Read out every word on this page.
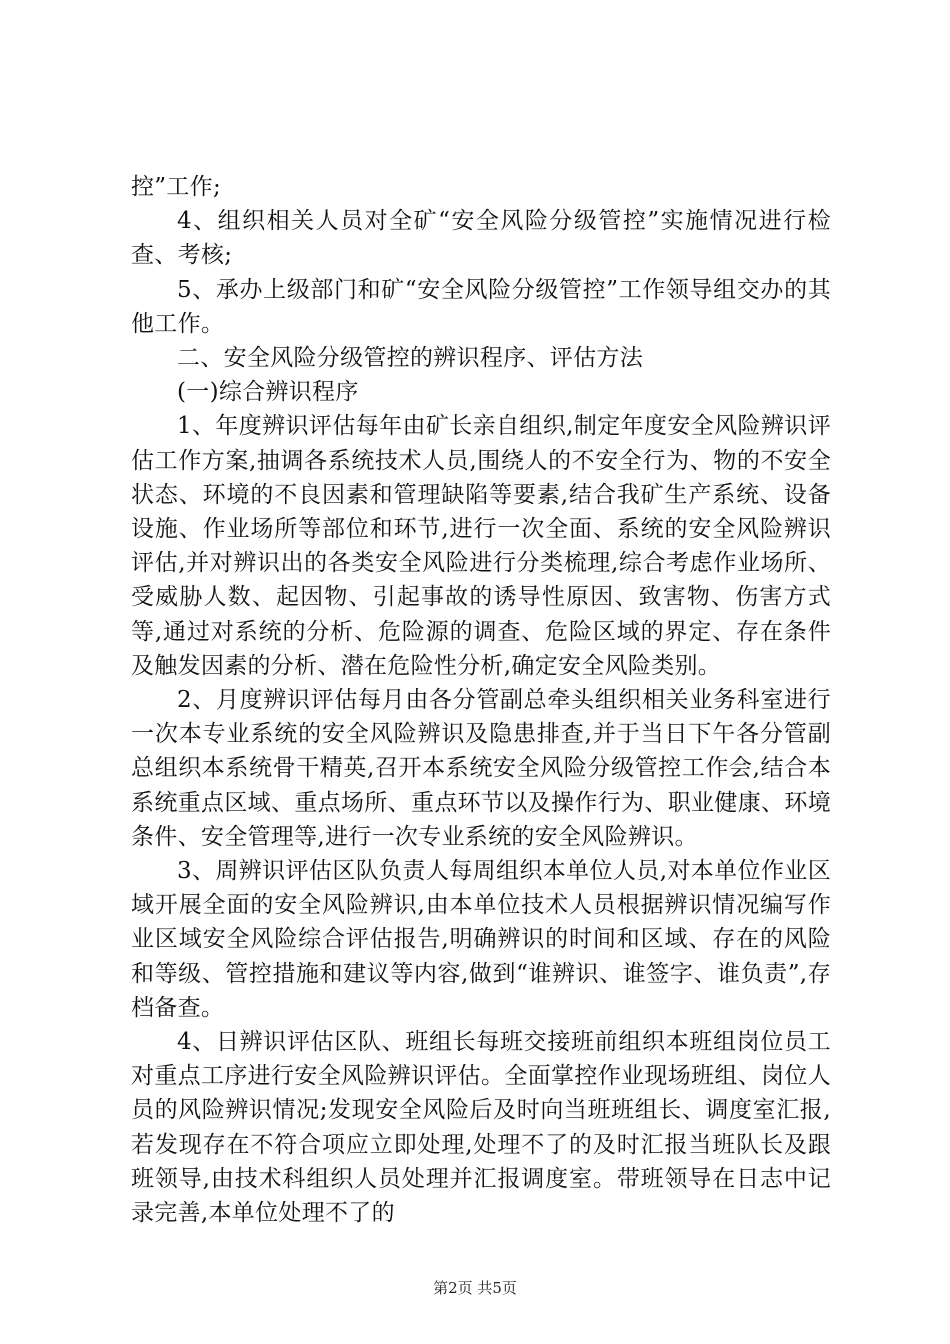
控”工作;

4、组织相关人员对全矿“安全风险分级管控”实施情况进行检查、考核;

5、承办上级部门和矿“安全风险分级管控”工作领导组交办的其他工作。

二、安全风险分级管控的辨识程序、评估方法

(一)综合辨识程序

1、年度辨识评估每年由矿长亲自组织,制定年度安全风险辨识评估工作方案,抽调各系统技术人员,围绕人的不安全行为、物的不安全状态、环境的不良因素和管理缺陷等要素,结合我矿生产系统、设备设施、作业场所等部位和环节,进行一次全面、系统的安全风险辨识评估,并对辨识出的各类安全风险进行分类梳理,综合考虑作业场所、受威胁人数、起因物、引起事故的诱导性原因、致害物、伤害方式等,通过对系统的分析、危险源的调查、危险区域的界定、存在条件及触发因素的分析、潜在危险性分析,确定安全风险类别。

2、月度辨识评估每月由各分管副总牵头组织相关业务科室进行一次本专业系统的安全风险辨识及隐患排查,并于当日下午各分管副总组织本系统骨干精英,召开本系统安全风险分级管控工作会,结合本系统重点区域、重点场所、重点环节以及操作行为、职业健康、环境条件、安全管理等,进行一次专业系统的安全风险辨识。

3、周辨识评估区队负责人每周组织本单位人员,对本单位作业区域开展全面的安全风险辨识,由本单位技术人员根据辨识情况编写作业区域安全风险综合评估报告,明确辨识的时间和区域、存在的风险和等级、管控措施和建议等内容,做到“谁辨识、谁签字、谁负责”,存档备查。

4、日辨识评估区队、班组长每班交接班前组织本班组岗位员工对重点工序进行安全风险辨识评估。全面掌控作业现场班组、岗位人员的风险辨识情况;发现安全风险后及时向当班班组长、调度室汇报,若发现存在不符合项应立即处理,处理不了的及时汇报当班队长及跟班领导,由技术科组织人员处理并汇报调度室。带班领导在日志中记录完善,本单位处理不了的

第2页 共5页
